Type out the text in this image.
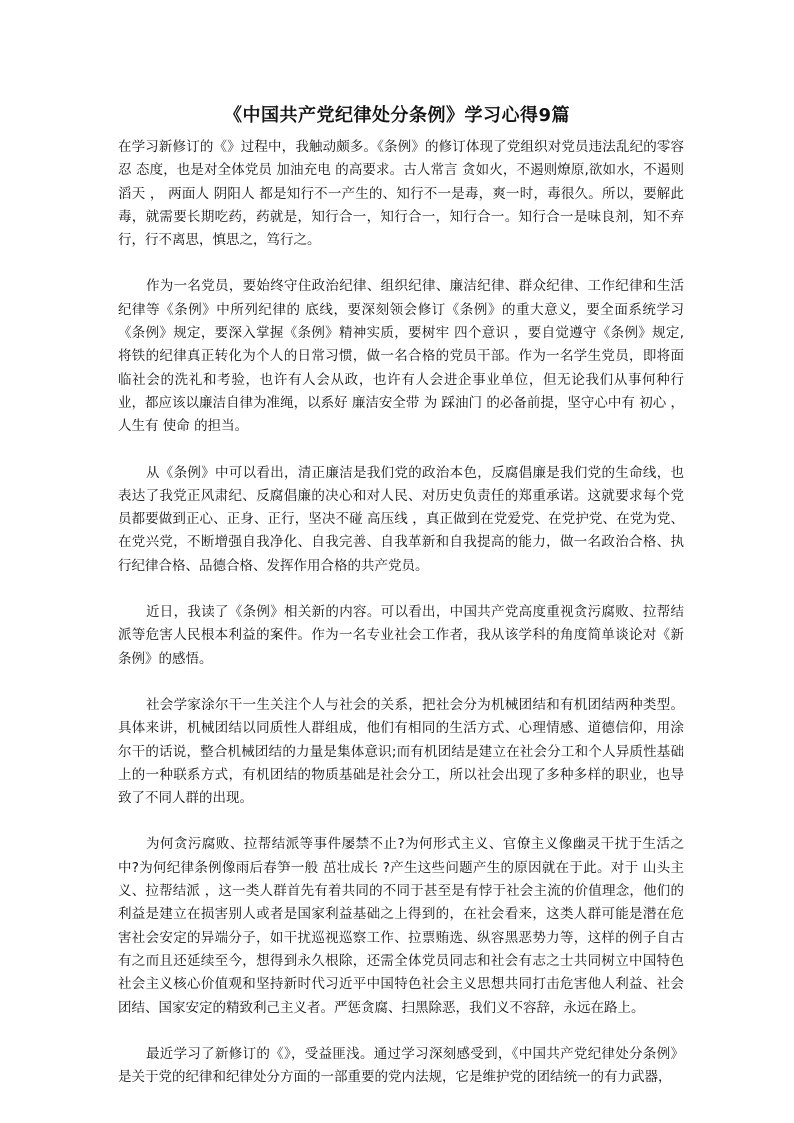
《中国共产党纪律处分条例》学习心得9篇

在学习新修订的《》过程中，我触动颇多。《条例》的修订体现了党组织对党员违法乱纪的零容忍 态度，也是对全体党员 加油充电 的高要求。古人常言 贪如火，不遏则燎原,欲如水，不遏则滔天 ， 两面人 阴阳人 都是知行不一产生的、知行不一是毒，爽一时，毒很久。所以，要解此毒，就需要长期吃药，药就是，知行合一，知行合一，知行合一。知行合一是味良剂，知不弃行，行不离思，慎思之，笃行之。

作为一名党员，要始终守住政治纪律、组织纪律、廉洁纪律、群众纪律、工作纪律和生活纪律等《条例》中所列纪律的 底线，要深刻领会修订《条例》的重大意义，要全面系统学习《条例》规定，要深入掌握《条例》精神实质，要树牢 四个意识 ，要自觉遵守《条例》规定,将铁的纪律真正转化为个人的日常习惯，做一名合格的党员干部。作为一名学生党员，即将面临社会的洗礼和考验，也许有人会从政，也许有人会进企事业单位，但无论我们从事何种行业，都应该以廉洁自律为准绳，以系好 廉洁安全带 为 踩油门 的必备前提，坚守心中有 初心 ，人生有 使命 的担当。

从《条例》中可以看出，清正廉洁是我们党的政治本色，反腐倡廉是我们党的生命线，也表达了我党正风肃纪、反腐倡廉的决心和对人民、对历史负责任的郑重承诺。这就要求每个党员都要做到正心、正身、正行，坚决不碰 高压线 ，真正做到在党爱党、在党护党、在党为党、在党兴党，不断增强自我净化、自我完善、自我革新和自我提高的能力，做一名政治合格、执行纪律合格、品德合格、发挥作用合格的共产党员。

近日，我读了《条例》相关新的内容。可以看出，中国共产党高度重视贪污腐败、拉帮结派等危害人民根本利益的案件。作为一名专业社会工作者，我从该学科的角度简单谈论对《新条例》的感悟。

社会学家涂尔干一生关注个人与社会的关系，把社会分为机械团结和有机团结两种类型。具体来讲，机械团结以同质性人群组成，他们有相同的生活方式、心理情感、道德信仰，用涂尔干的话说，整合机械团结的力量是集体意识;而有机团结是建立在社会分工和个人异质性基础上的一种联系方式，有机团结的物质基础是社会分工，所以社会出现了多种多样的职业，也导致了不同人群的出现。

为何贪污腐败、拉帮结派等事件屡禁不止?为何形式主义、官僚主义像幽灵干扰于生活之中?为何纪律条例像雨后春笋一般 茁壮成长 ?产生这些问题产生的原因就在于此。对于 山头主义、拉帮结派 ，这一类人群首先有着共同的不同于甚至是有悖于社会主流的价值理念，他们的利益是建立在损害别人或者是国家利益基础之上得到的，在社会看来，这类人群可能是潜在危害社会安定的异端分子，如干扰巡视巡察工作、拉票贿选、纵容黑恶势力等，这样的例子自古有之而且还延续至今，想得到永久根除，还需全体党员同志和社会有志之士共同树立中国特色社会主义核心价值观和坚持新时代习近平中国特色社会主义思想共同打击危害他人利益、社会团结、国家安定的精致利己主义者。严惩贪腐、扫黑除恶，我们义不容辞，永远在路上。

最近学习了新修订的《》，受益匪浅。通过学习深刻感受到，《中国共产党纪律处分条例》是关于党的纪律和纪律处分方面的一部重要的党内法规，它是维护党的团结统一的有力武器，
